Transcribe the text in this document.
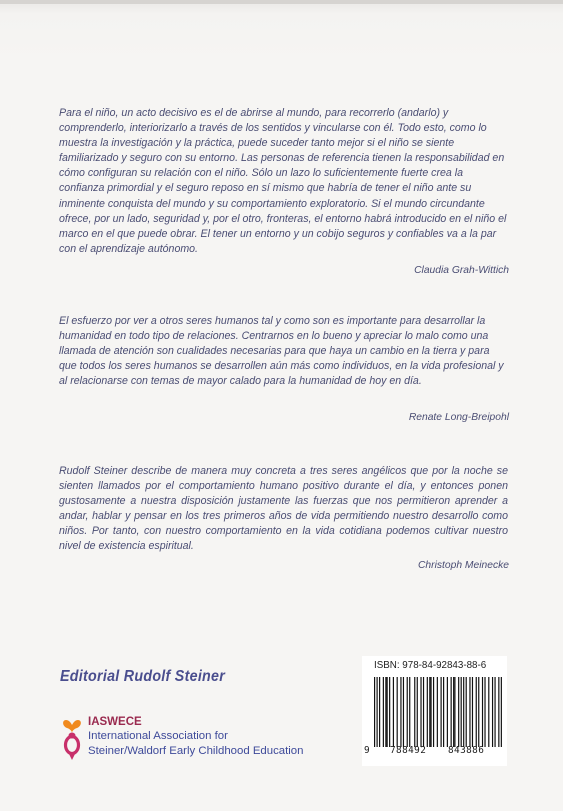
Para el niño, un acto decisivo es el de abrirse al mundo, para recorrerlo (andarlo) y comprenderlo, interiorizarlo a través de los sentidos y vincularse con él. Todo esto, como lo muestra la investigación y la práctica, puede suceder tanto mejor si el niño se siente familiarizado y seguro con su entorno. Las personas de referencia tienen la responsabilidad en cómo configuran su relación con el niño. Sólo un lazo lo suficientemente fuerte crea la confianza primordial y el seguro reposo en sí mismo que habría de tener el niño ante su inminente conquista del mundo y su comportamiento exploratorio. Si el mundo circundante ofrece, por un lado, seguridad y, por el otro, fronteras, el entorno habrá introducido en el niño el marco en el que puede obrar. El tener un entorno y un cobijo seguros y confiables va a la par con el aprendizaje autónomo.

Claudia Grah-Wittich

El esfuerzo por ver a otros seres humanos tal y como son es importante para desarrollar la humanidad en todo tipo de relaciones. Centrarnos en lo bueno y apreciar lo malo como una llamada de atención son cualidades necesarias para que haya un cambio en la tierra y para que todos los seres humanos se desarrollen aún más como individuos, en la vida profesional y al relacionarse con temas de mayor calado para la humanidad de hoy en día.

Renate Long-Breipohl

Rudolf Steiner describe de manera muy concreta a tres seres angélicos que por la noche se sienten llamados por el comportamiento humano positivo durante el día, y entonces ponen gustosamente a nuestra disposición justamente las fuerzas que nos permitieron aprender a andar, hablar y pensar en los tres primeros años de vida permitiendo nuestro desarrollo como niños. Por tanto, con nuestro comportamiento en la vida cotidiana podemos cultivar nuestro nivel de existencia espiritual.

Christoph Meinecke
Editorial Rudolf Steiner
IASWECE
International Association for
Steiner/Waldorf Early Childhood Education
ISBN: 978-84-92843-88-6
9 788492 843886
